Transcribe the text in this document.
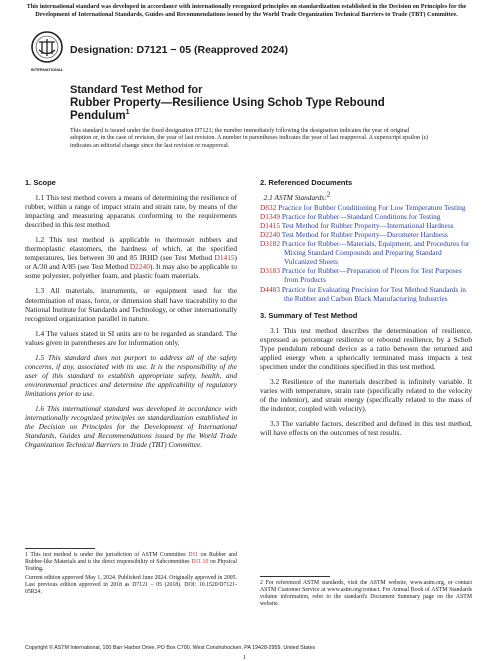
This international standard was developed in accordance with internationally recognized principles on standardization established in the Decision on Principles for the Development of International Standards, Guides and Recommendations issued by the World Trade Organization Technical Barriers to Trade (TBT) Committee.
INTERNATIONAL
Designation: D7121 − 05 (Reapproved 2024)
Standard Test Method for
Rubber Property—Resilience Using Schob Type Rebound Pendulum$^1$
This standard is issued under the fixed designation D7121; the number immediately following the designation indicates the year of original adoption or, in the case of revision, the year of last revision. A number in parentheses indicates the year of last reapproval. A superscript epsilon (ε) indicates an editorial change since the last revision or reapproval.
1. Scope

1.1 This test method covers a means of determining the resilience of rubber, within a range of impact strain and strain rate, by means of the impacting and measuring apparatus conforming to the requirements described in this test method.

1.2 This test method is applicable to thermoset rubbers and thermoplastic elastomers, the hardness of which, at the specified temperatures, lies between 30 and 85 IRHD (see Test Method D1415) or A/30 and A/85 (see Test Method D2240). It may also be applicable to some polyester, polyether foam, and plastic foam materials.

1.3 All materials, instruments, or equipment used for the determination of mass, force, or dimension shall have traceability to the National Institute for Standards and Technology, or other internationally recognized organization parallel in nature.

1.4 The values stated in SI units are to be regarded as standard. The values given in parentheses are for information only.

1.5 This standard does not purport to address all of the safety concerns, if any, associated with its use. It is the responsibility of the user of this standard to establish appropriate safety, health, and environmental practices and determine the applicability of regulatory limitations prior to use.

1.6 This international standard was developed in accordance with internationally recognized principles on standardization established in the Decision on Principles for the Development of International Standards, Guides and Recommendations issued by the World Trade Organization Technical Barriers to Trade (TBT) Committee.

1 This test method is under the jurisdiction of ASTM Committee D11 on Rubber and Rubber-like Materials and is the direct responsibility of Subcommittee D11.10 on Physical Testing.
Current edition approved May 1, 2024. Published June 2024. Originally approved in 2005. Last previous edition approved in 2018 as D7121 – 05 (2018). DOI: 10.1520/D7121-05R24.
2. Referenced Documents
2.1 ASTM Standards:2
D832 Practice for Rubber Conditioning For Low Temperature Testing
D1349 Practice for Rubber—Standard Conditions for Testing
D1415 Test Method for Rubber Property—International Hardness
D2240 Test Method for Rubber Property—Durometer Hardness
D3182 Practice for Rubber—Materials, Equipment, and Procedures for Mixing Standard Compounds and Preparing Standard Vulcanized Sheets
D3183 Practice for Rubber—Preparation of Pieces for Test Purposes from Products
D4483 Practice for Evaluating Precision for Test Method Standards in the Rubber and Carbon Black Manufacturing Industries
3. Summary of Test Method

3.1 This test method describes the determination of resilience, expressed as percentage resilience or rebound resilience, by a Schob Type pendulum rebound device as a ratio between the returned and applied energy when a spherically terminated mass impacts a test specimen under the conditions specified in this test method.

3.2 Resilience of the materials described is infinitely variable. It varies with temperature, strain rate (specifically related to the velocity of the indentor), and strain energy (specifically related to the mass of the indentor, coupled with velocity).

3.3 The variable factors, described and defined in this test method, will have effects on the outcomes of test results.

2 For referenced ASTM standards, visit the ASTM website, www.astm.org, or contact ASTM Customer Service at www.astm.org/contact. For Annual Book of ASTM Standards volume information, refer to the standard's Document Summary page on the ASTM website.
Copyright © ASTM International, 100 Barr Harbor Drive, PO Box C700, West Conshohocken, PA 19428-2959. United States
1
